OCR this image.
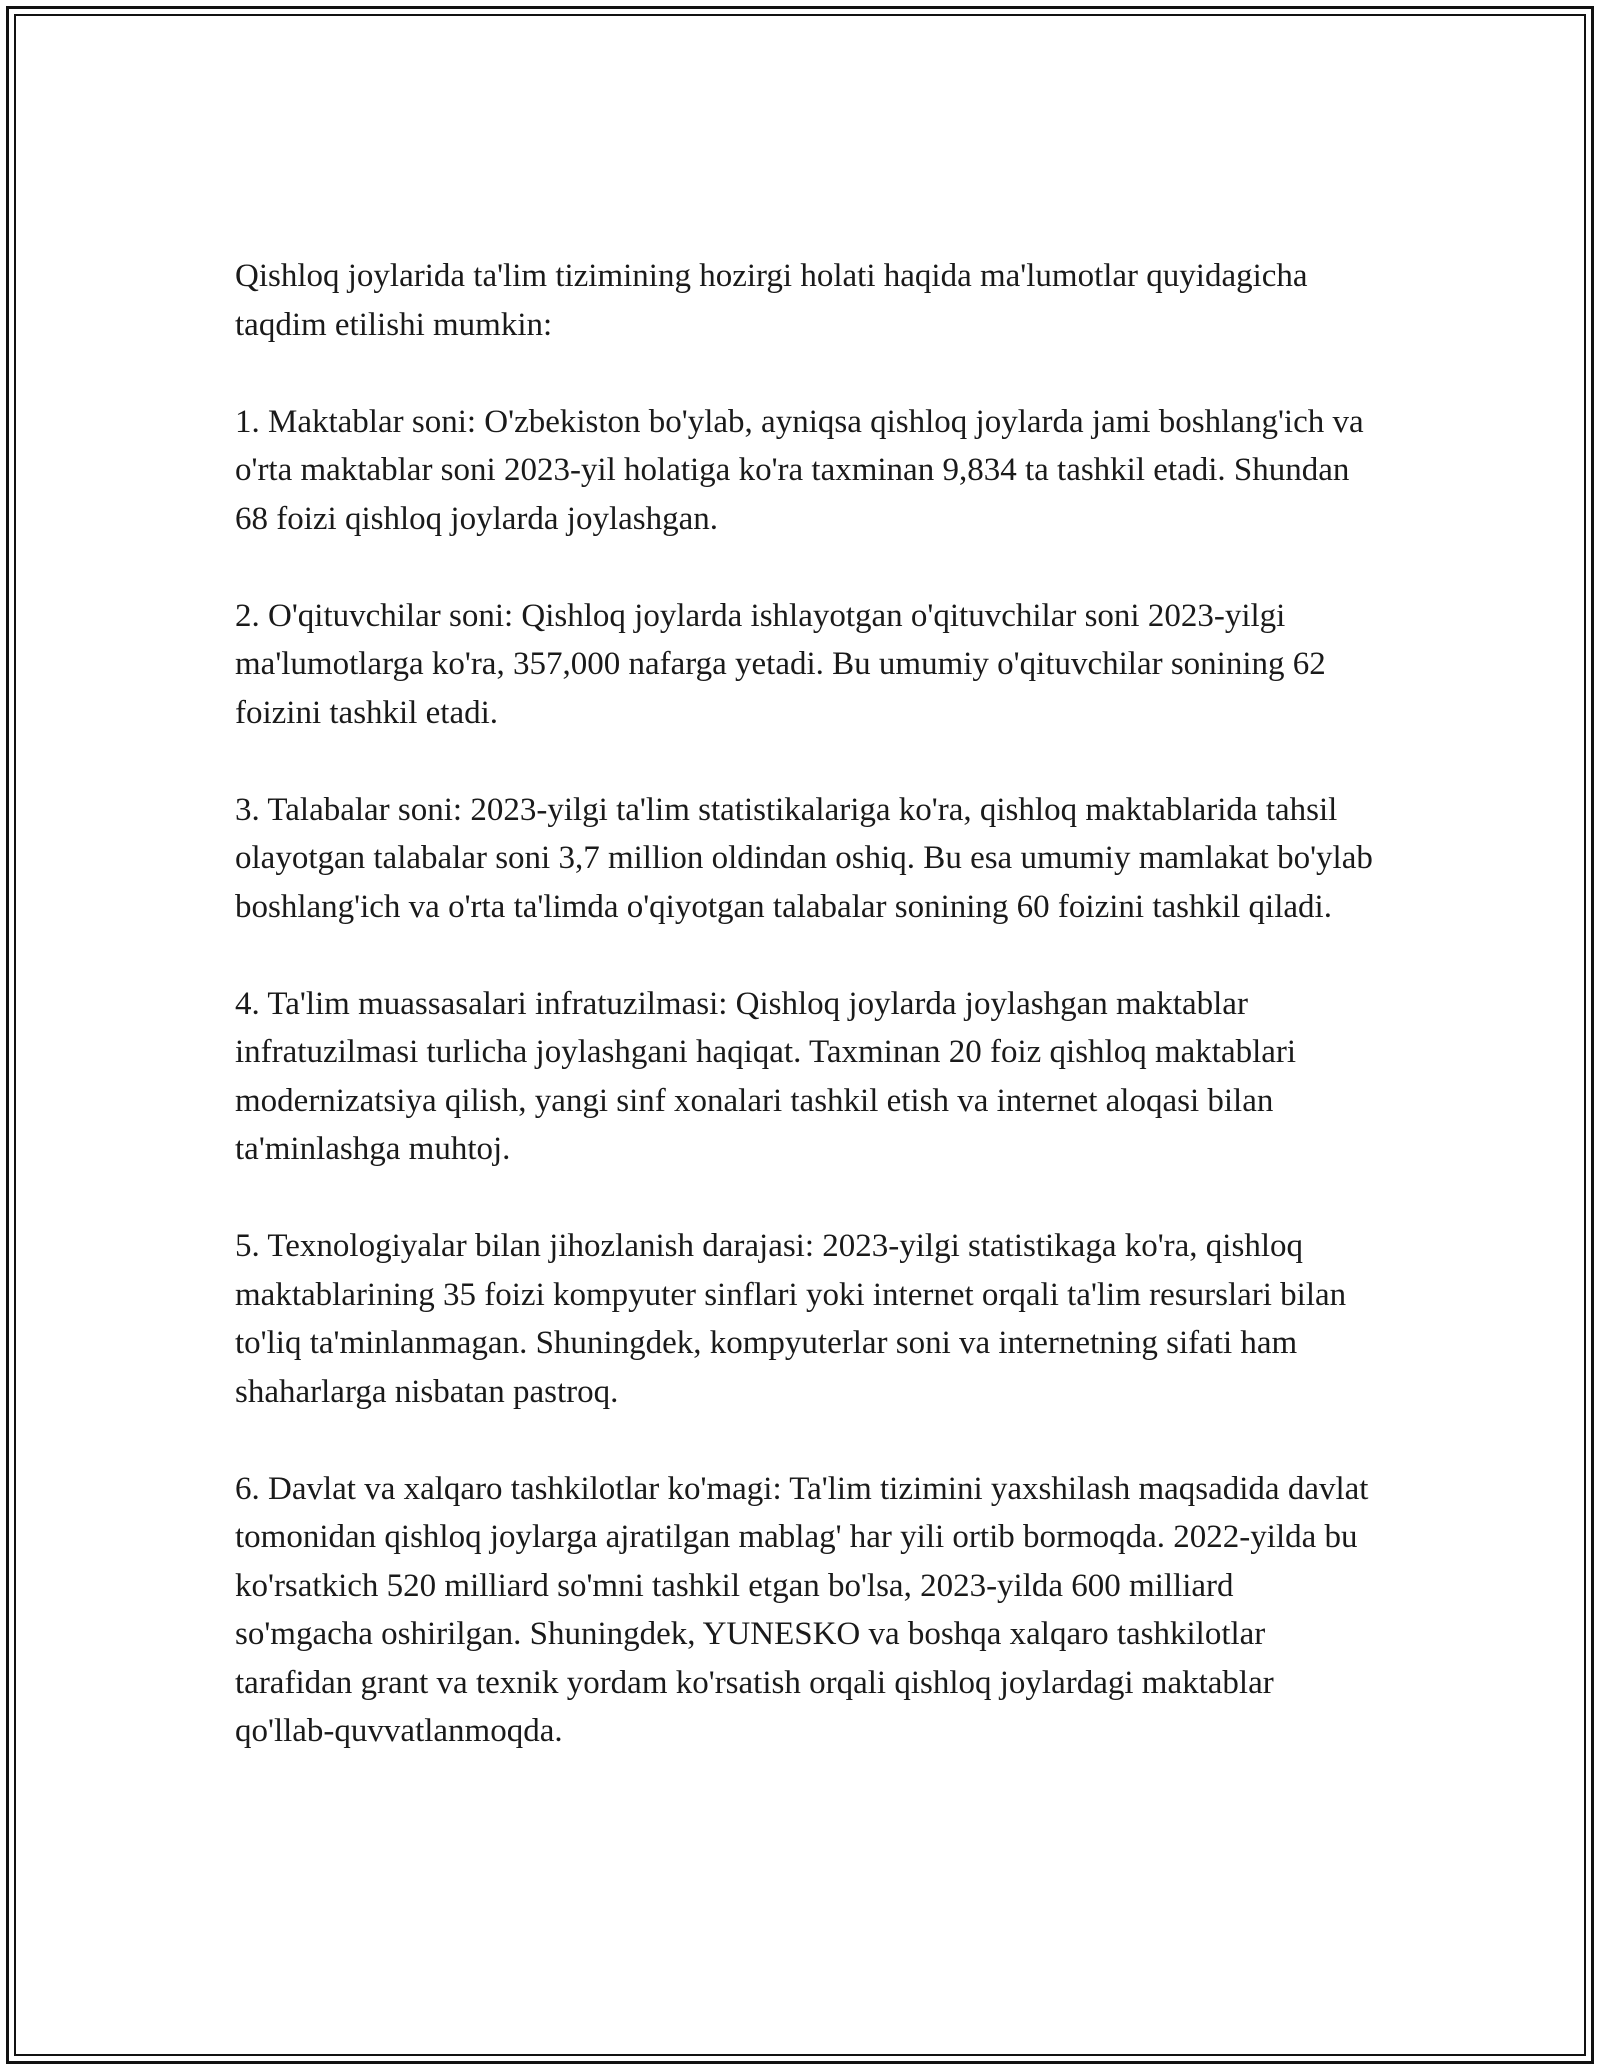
Qishloq joylarida ta'lim tizimining hozirgi holati haqida ma'lumotlar quyidagicha taqdim etilishi mumkin:

1. Maktablar soni: O'zbekiston bo'ylab, ayniqsa qishloq joylarda jami boshlang'ich va o'rta maktablar soni 2023-yil holatiga ko'ra taxminan 9,834 ta tashkil etadi. Shundan 68 foizi qishloq joylarda joylashgan.

2. O'qituvchilar soni: Qishloq joylarda ishlayotgan o'qituvchilar soni 2023-yilgi ma'lumotlarga ko'ra, 357,000 nafarga yetadi. Bu umumiy o'qituvchilar sonining 62 foizini tashkil etadi.

3. Talabalar soni: 2023-yilgi ta'lim statistikalariga ko'ra, qishloq maktablarida tahsil olayotgan talabalar soni 3,7 million oldindan oshiq. Bu esa umumiy mamlakat bo'ylab boshlang'ich va o'rta ta'limda o'qiyotgan talabalar sonining 60 foizini tashkil qiladi.

4. Ta'lim muassasalari infratuzilmasi: Qishloq joylarda joylashgan maktablar infratuzilmasi turlicha joylashgani haqiqat. Taxminan 20 foiz qishloq maktablari modernizatsiya qilish, yangi sinf xonalari tashkil etish va internet aloqasi bilan ta'minlashga muhtoj.

5. Texnologiyalar bilan jihozlanish darajasi: 2023-yilgi statistikaga ko'ra, qishloq maktablarining 35 foizi kompyuter sinflari yoki internet orqali ta'lim resurslari bilan to'liq ta'minlanmagan. Shuningdek, kompyuterlar soni va internetning sifati ham shaharlarga nisbatan pastroq.

6. Davlat va xalqaro tashkilotlar ko'magi: Ta'lim tizimini yaxshilash maqsadida davlat tomonidan qishloq joylarga ajratilgan mablag' har yili ortib bormoqda. 2022-yilda bu ko'rsatkich 520 milliard so'mni tashkil etgan bo'lsa, 2023-yilda 600 milliard so'mgacha oshirilgan. Shuningdek, YUNESKO va boshqa xalqaro tashkilotlar tarafidan grant va texnik yordam ko'rsatish orqali qishloq joylardagi maktablar qo'llab-quvvatlanmoqda.
